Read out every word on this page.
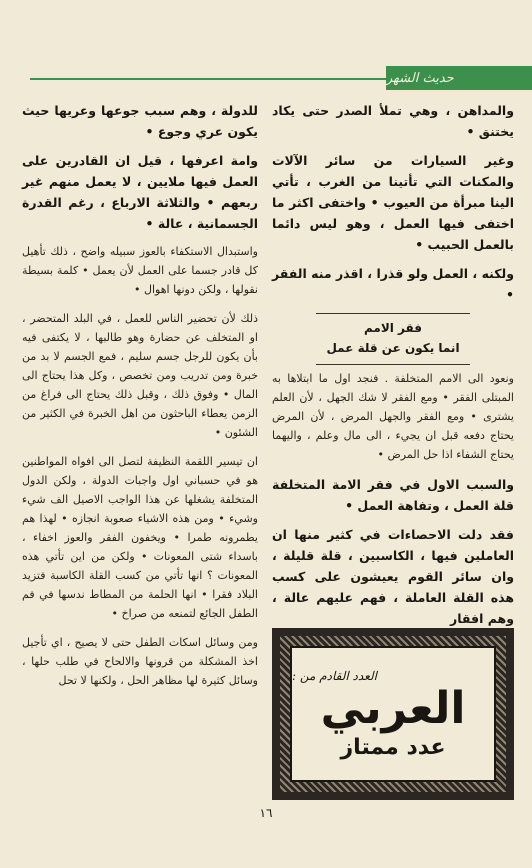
حديث الشهر

والمداهن ، وهي تملأ الصدر حتى يكاد يختنق •

وغير السيارات من سائر الآلات والمكنات التي تأتينا من الغرب ، تأتي الينا مبرأة من العيوب • واختفى اكثر ما اختفى فيها العمل ، وهو ليس دائما بالعمل الحبيب •

ولكنه ، العمل ولو قذرا ، اقذر منه الفقر •

فقر الامم

انما يكون عن قلة عمل

ونعود الى الامم المتخلفة . فنجد اول ما ابتلاها به المبتلى الفقر • ومع الفقر لا شك الجهل ، لأن العلم يشترى • ومع الفقر والجهل المرض ، لأن المرض يحتاج دفعه قبل ان يجيء ، الى مال وعلم ، واليهما يحتاج الشفاء اذا حل المرض •

والسبب الاول في فقر الامة المتخلفة قلة العمل ، وتفاهة العمل •

فقد دلت الاحصاءات في كثير منها ان العاملين فيها ، الكاسبين ، قلة قليلة ، وان سائر القوم يعيشون على كسب هذه القلة العاملة ، فهم عليهم عالة ، وهم افقار

العدد القادم من :
العربي
عدد ممتاز

للدولة ، وهم سبب جوعها وعريها حيث يكون عري وجوع •

وامة اعرفها ، قيل ان القادرين على العمل فيها ملايين ، لا يعمل منهم غير ربعهم • والثلاثة الارباع ، رغم القدرة الجسمانية ، عالة •

واستبدال الاستكفاء بالعوز سبيله واضح ، ذلك تأهيل كل قادر جسما على العمل لأن يعمل • كلمة بسيطة نقولها ، ولكن دونها اهوال •

ذلك لأن تحضير الناس للعمل ، في البلد المتحضر ، او المتخلف عن حضارة وهو طالبها ، لا يكتفى فيه بأن يكون للرجل جسم سليم ، فمع الجسم لا بد من خبرة ومن تدريب ومن تخصص ، وكل هذا يحتاج الى المال • وفوق ذلك ، وقبل ذلك يحتاج الى فراغ من الزمن يعطاء الباحثون من اهل الخبرة في الكثير من الشئون •

ان تيسير اللقمة النظيفة لتصل الى افواه المواطنين هو في حسباني اول واجبات الدولة ، ولكن الدول المتخلفة يشغلها عن هذا الواجب الاصيل الف شيء وشيء • ومن هذه الاشياء صعوبة انجازه • لهذا هم يطمرونه طمرا • ويخفون الفقر والعوز اخفاء ، باسداء شتى المعونات • ولكن من اين تأتي هذه المعونات ؟ انها تأتي من كسب القلة الكاسبة فتزيد البلاد فقرا • انها الحلمة من المطاط ندسها في فم الطفل الجائع لتمنعه من صراخ •

ومن وسائل اسكات الطفل حتى لا يصيح ، اي تأجيل اخذ المشكلة من قرونها والالحاح في طلب حلها ، وسائل كثيرة لها مظاهر الحل ، ولكنها لا تحل

١٦
